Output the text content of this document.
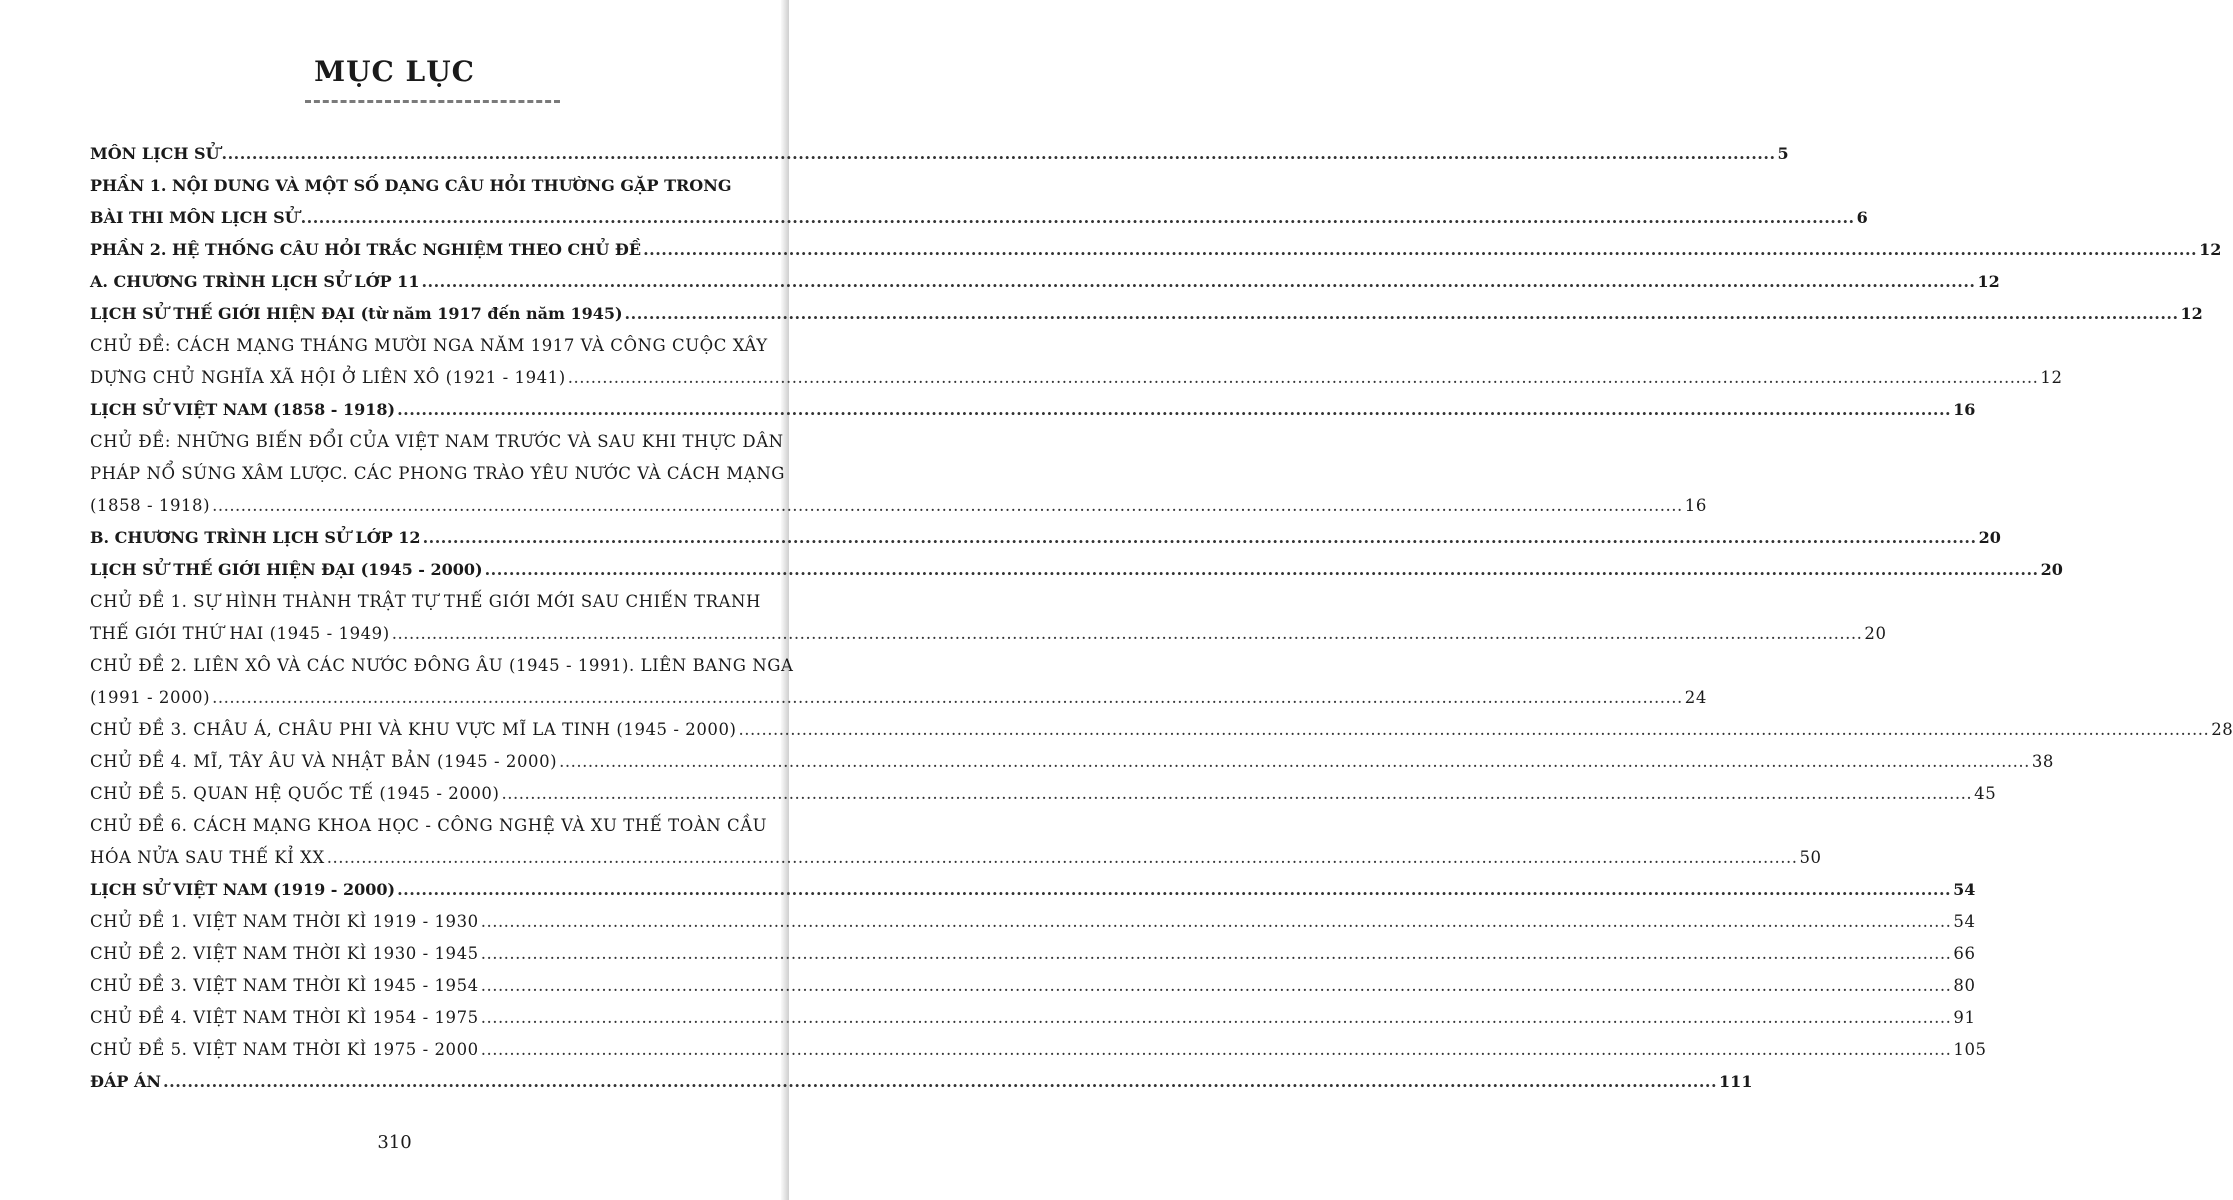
MỤC LỤC
MÔN LỊCH SỬ .....	5
PHẦN 1. NỘI DUNG VÀ MỘT SỐ DẠNG CÂU HỎI THƯỜNG GẶP TRONG
BÀI THI MÔN LỊCH SỬ .....	6
PHẦN 2. HỆ THỐNG CÂU HỎI TRẮC NGHIỆM THEO CHỦ ĐỀ .....	12
A. CHƯƠNG TRÌNH LỊCH SỬ LỚP 11 .....	12
LỊCH SỬ THẾ GIỚI HIỆN ĐẠI (từ năm 1917 đến năm 1945) .....	12
CHỦ ĐỀ: CÁCH MẠNG THÁNG MƯỜI NGA NĂM 1917 VÀ CÔNG CUỘC XÂY
DỰNG CHỦ NGHĨA XÃ HỘI Ở LIÊN XÔ (1921 - 1941) .....	12
LỊCH SỬ VIỆT NAM (1858 - 1918) .....	16
CHỦ ĐỀ: NHỮNG BIẾN ĐỔI CỦA VIỆT NAM TRƯỚC VÀ SAU KHI THỰC DÂN
PHÁP NỔ SÚNG XÂM LƯỢC. CÁC PHONG TRÀO YÊU NƯỚC VÀ CÁCH MẠNG
(1858 - 1918) .....	16
B. CHƯƠNG TRÌNH LỊCH SỬ LỚP 12 .....	20
LỊCH SỬ THẾ GIỚI HIỆN ĐẠI (1945 - 2000) .....	20
CHỦ ĐỀ 1. SỰ HÌNH THÀNH TRẬT TỰ THẾ GIỚI MỚI SAU CHIẾN TRANH
THẾ GIỚI THỨ HAI (1945 - 1949) .....	20
CHỦ ĐỀ 2. LIÊN XÔ VÀ CÁC NƯỚC ĐÔNG ÂU (1945 - 1991). LIÊN BANG NGA
(1991 - 2000) .....	24
CHỦ ĐỀ 3. CHÂU Á, CHÂU PHI VÀ KHU VỰC MĨ LA TINH (1945 - 2000) .....	28
CHỦ ĐỀ 4. MĨ, TÂY ÂU VÀ NHẬT BẢN (1945 - 2000) .....	38
CHỦ ĐỀ 5. QUAN HỆ QUỐC TẾ (1945 - 2000) .....	45
CHỦ ĐỀ 6. CÁCH MẠNG KHOA HỌC - CÔNG NGHỆ VÀ XU THẾ TOÀN CẦU
HÓA NỬA SAU THẾ KỈ XX .....	50
LỊCH SỬ VIỆT NAM (1919 - 2000) .....	54
CHỦ ĐỀ 1. VIỆT NAM THỜI KÌ 1919 - 1930 .....	54
CHỦ ĐỀ 2. VIỆT NAM THỜI KÌ 1930 - 1945 .....	66
CHỦ ĐỀ 3. VIỆT NAM THỜI KÌ 1945 - 1954 .....	80
CHỦ ĐỀ 4. VIỆT NAM THỜI KÌ 1954 - 1975 .....	91
CHỦ ĐỀ 5. VIỆT NAM THỜI KÌ 1975 - 2000 .....	105
ĐÁP ÁN .....	111
310
